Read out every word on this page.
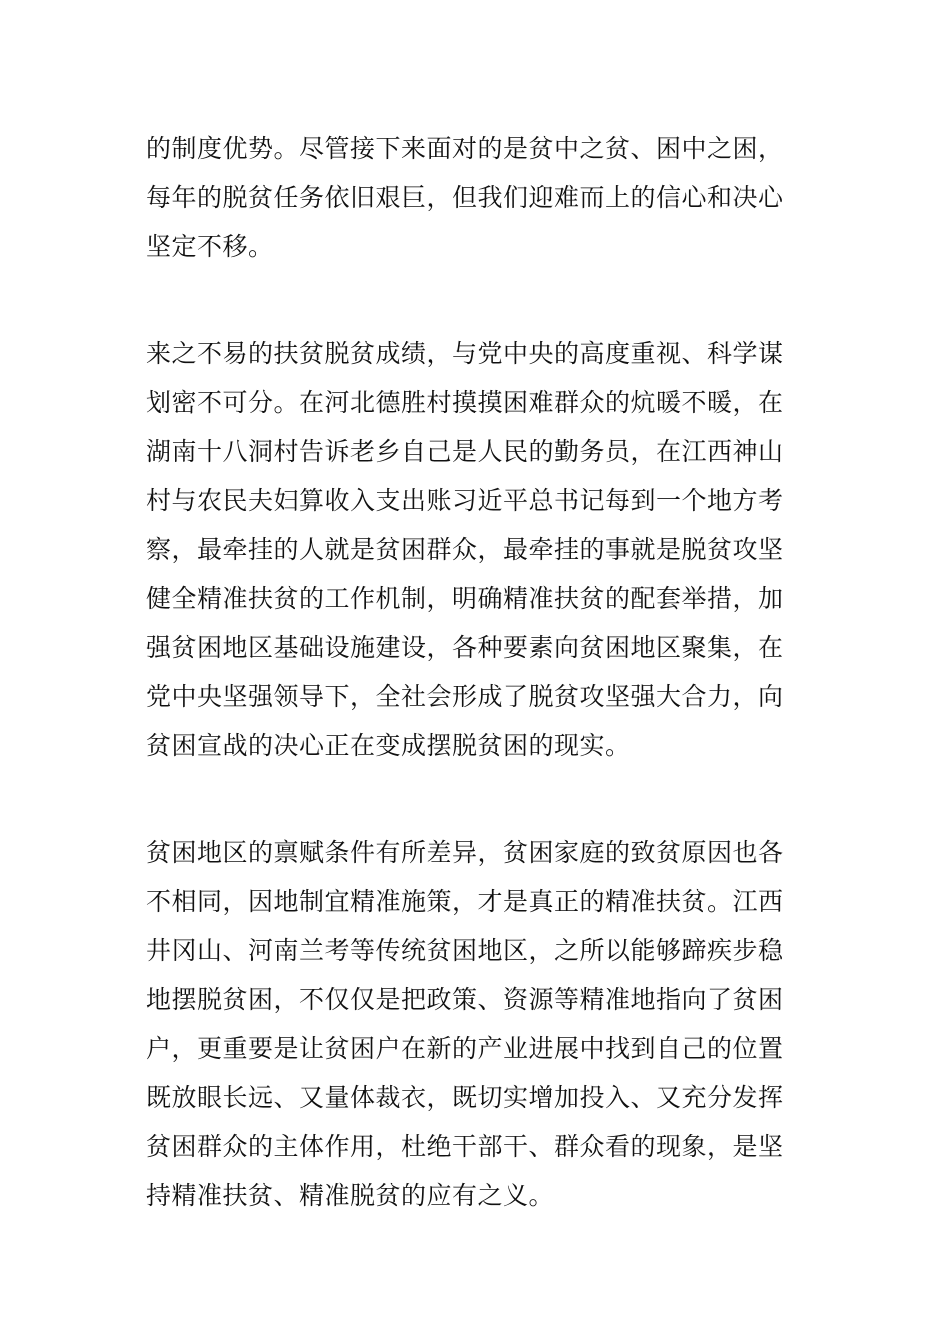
的制度优势。尽管接下来面对的是贫中之贫、困中之困，
每年的脱贫任务依旧艰巨，但我们迎难而上的信心和决心
坚定不移。
来之不易的扶贫脱贫成绩，与党中央的高度重视、科学谋
划密不可分。在河北德胜村摸摸困难群众的炕暖不暖，在
湖南十八洞村告诉老乡自己是人民的勤务员，在江西神山
村与农民夫妇算收入支出账习近平总书记每到一个地方考
察，最牵挂的人就是贫困群众，最牵挂的事就是脱贫攻坚
健全精准扶贫的工作机制，明确精准扶贫的配套举措，加
强贫困地区基础设施建设，各种要素向贫困地区聚集，在
党中央坚强领导下，全社会形成了脱贫攻坚强大合力，向
贫困宣战的决心正在变成摆脱贫困的现实。
贫困地区的禀赋条件有所差异，贫困家庭的致贫原因也各
不相同，因地制宜精准施策，才是真正的精准扶贫。江西
井冈山、河南兰考等传统贫困地区，之所以能够蹄疾步稳
地摆脱贫困，不仅仅是把政策、资源等精准地指向了贫困
户，更重要是让贫困户在新的产业进展中找到自己的位置
既放眼长远、又量体裁衣，既切实增加投入、又充分发挥
贫困群众的主体作用，杜绝干部干、群众看的现象，是坚
持精准扶贫、精准脱贫的应有之义。
